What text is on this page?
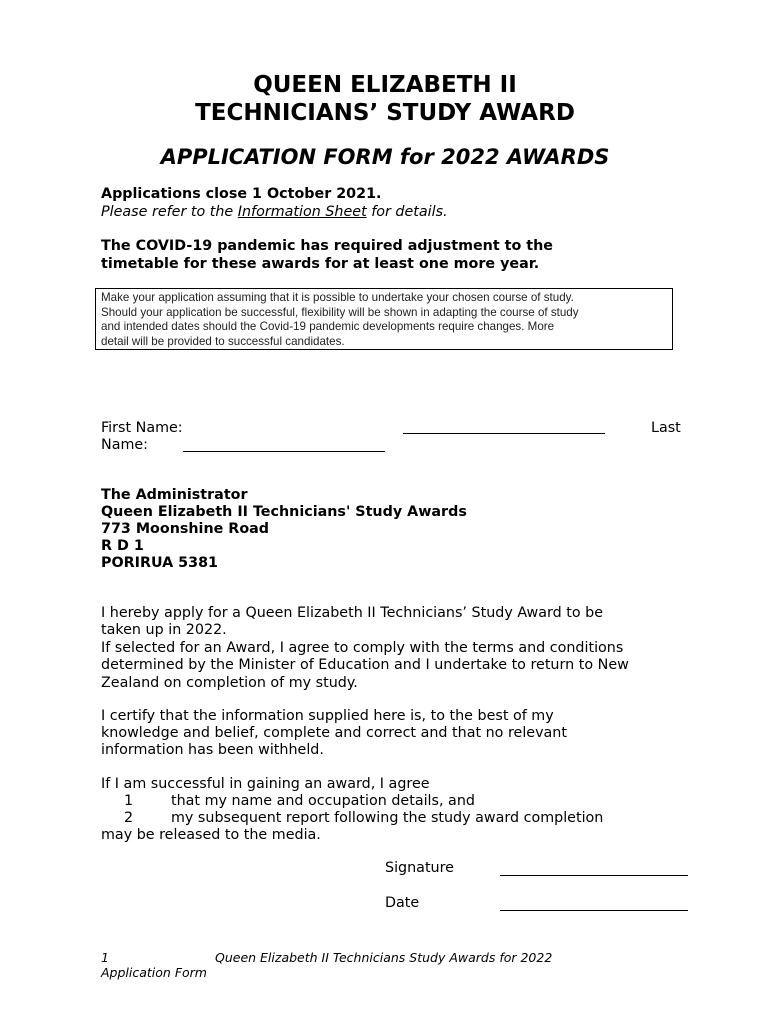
QUEEN ELIZABETH II
TECHNICIANS’ STUDY AWARD
APPLICATION FORM for 2022 AWARDS
Applications close 1 October 2021.
Please refer to the Information Sheet for details.
The COVID-19 pandemic has required adjustment to the
timetable for these awards for at least one more year.
Make your application assuming that it is possible to undertake your chosen course of study.
Should your application be successful, flexibility will be shown in adapting the course of study
and intended dates should the Covid-19 pandemic developments require changes. More
detail will be provided to successful candidates.
First Name:	Last
Name:
The Administrator
Queen Elizabeth II Technicians' Study Awards
773 Moonshine Road
R D 1
PORIRUA 5381
I hereby apply for a Queen Elizabeth II Technicians’ Study Award to be
taken up in 2022.
If selected for an Award, I agree to comply with the terms and conditions
determined by the Minister of Education and I undertake to return to New
Zealand on completion of my study.
I certify that the information supplied here is, to the best of my
knowledge and belief, complete and correct and that no relevant
information has been withheld.
If I am successful in gaining an award, I agree
1	that my name and occupation details, and
2	my subsequent report following the study award completion
may be released to the media.
Signature
Date
1	Queen Elizabeth II Technicians Study Awards for 2022
Application Form
